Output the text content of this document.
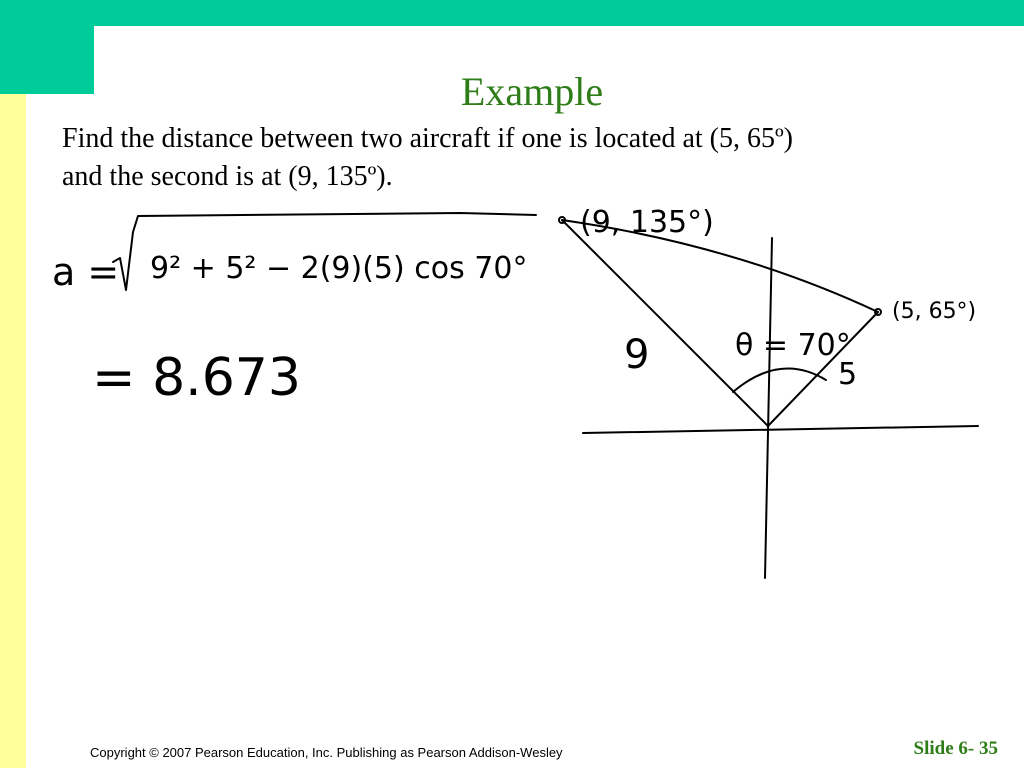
Example
Find the distance between two aircraft if one is located at (5, 65º)
and the second is at (9, 135º).
a = 9² + 5² − 2(9)(5) cos 70°
= 8.673
(9, 135°)
(5, 65°)
9	5
θ = 70°
Copyright © 2007 Pearson Education, Inc. Publishing as Pearson Addison-Wesley	Slide 6- 35
